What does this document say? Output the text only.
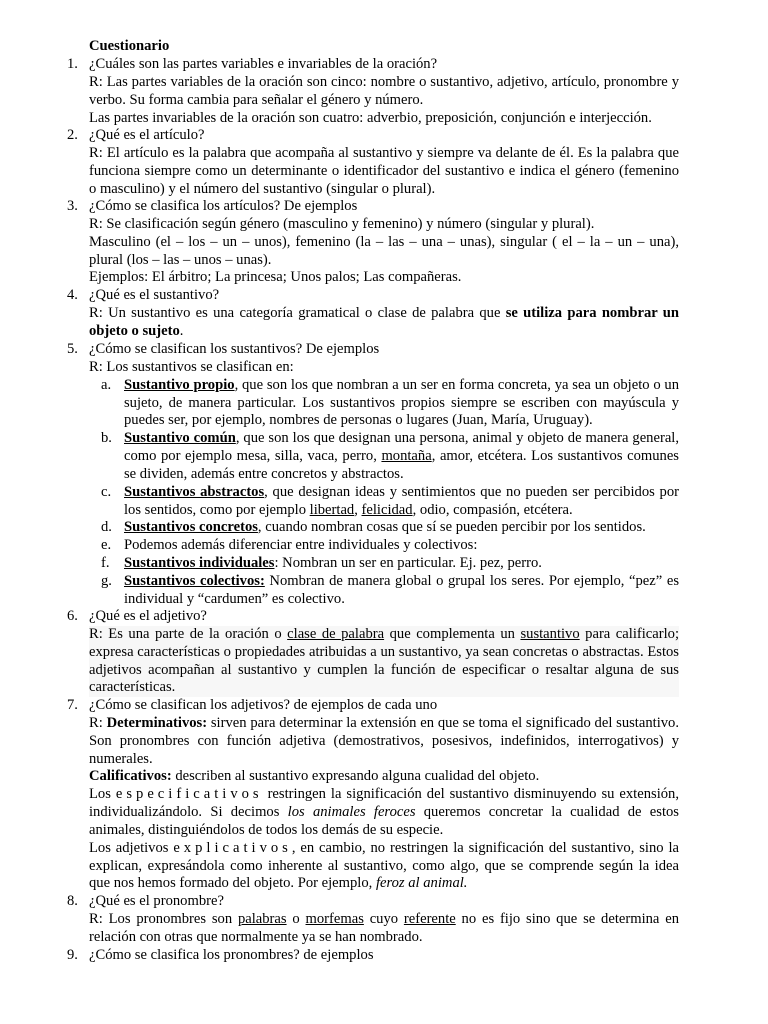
Cuestionario
1. ¿Cuáles son las partes variables e invariables de la oración?

R: Las partes variables de la oración son cinco: nombre o sustantivo, adjetivo, artículo, pronombre y verbo. Su forma cambia para señalar el género y número.

Las partes invariables de la oración son cuatro: adverbio, preposición, conjunción e interjección.

2. ¿Qué es el artículo?

R: El artículo es la palabra que acompaña al sustantivo y siempre va delante de él. Es la palabra que funciona siempre como un determinante o identificador del sustantivo e indica el género (femenino o masculino) y el número del sustantivo (singular o plural).

3. ¿Cómo se clasifica los artículos? De ejemplos

R: Se clasificación según género (masculino y femenino) y número (singular y plural).

Masculino (el – los – un – unos), femenino (la – las – una – unas), singular ( el – la – un – una), plural (los – las – unos – unas).

Ejemplos: El árbitro; La princesa; Unos palos; Las compañeras.

4. ¿Qué es el sustantivo?

R: Un sustantivo es una categoría gramatical o clase de palabra que se utiliza para nombrar un objeto o sujeto.

5. ¿Cómo se clasifican los sustantivos? De ejemplos

R: Los sustantivos se clasifican en:

a. Sustantivo propio, que son los que nombran a un ser en forma concreta, ya sea un objeto o un sujeto, de manera particular. Los sustantivos propios siempre se escriben con mayúscula y puedes ser, por ejemplo, nombres de personas o lugares (Juan, María, Uruguay).
b. Sustantivo común, que son los que designan una persona, animal y objeto de manera general, como por ejemplo mesa, silla, vaca, perro, montaña, amor, etcétera. Los sustantivos comunes se dividen, además entre concretos y abstractos.
c. Sustantivos abstractos, que designan ideas y sentimientos que no pueden ser percibidos por los sentidos, como por ejemplo libertad, felicidad, odio, compasión, etcétera.
d. Sustantivos concretos, cuando nombran cosas que sí se pueden percibir por los sentidos.
e. Podemos además diferenciar entre individuales y colectivos:
f. Sustantivos individuales: Nombran un ser en particular. Ej. pez, perro.
g. Sustantivos colectivos: Nombran de manera global o grupal los seres. Por ejemplo, “pez” es individual y “cardumen” es colectivo.
6. ¿Qué es el adjetivo?

R: Es una parte de la oración o clase de palabra que complementa un sustantivo para calificarlo; expresa características o propiedades atribuidas a un sustantivo, ya sean concretas o abstractas. Estos adjetivos acompañan al sustantivo y cumplen la función de especificar o resaltar alguna de sus características.

7. ¿Cómo se clasifican los adjetivos? de ejemplos de cada uno

R: Determinativos: sirven para determinar la extensión en que se toma el significado del sustantivo. Son pronombres con función adjetiva (demostrativos, posesivos, indefinidos, interrogativos) y numerales.

Calificativos: describen al sustantivo expresando alguna cualidad del objeto.

Los especificativos restringen la significación del sustantivo disminuyendo su extensión, individualizándolo. Si decimos los animales feroces queremos concretar la cualidad de estos animales, distinguiéndolos de todos los demás de su especie.

Los adjetivos explicativos, en cambio, no restringen la significación del sustantivo, sino la explican, expresándola como inherente al sustantivo, como algo, que se comprende según la idea que nos hemos formado del objeto. Por ejemplo, feroz al animal.

8. ¿Qué es el pronombre?

R: Los pronombres son palabras o morfemas cuyo referente no es fijo sino que se determina en relación con otras que normalmente ya se han nombrado.

9. ¿Cómo se clasifica los pronombres? de ejemplos
